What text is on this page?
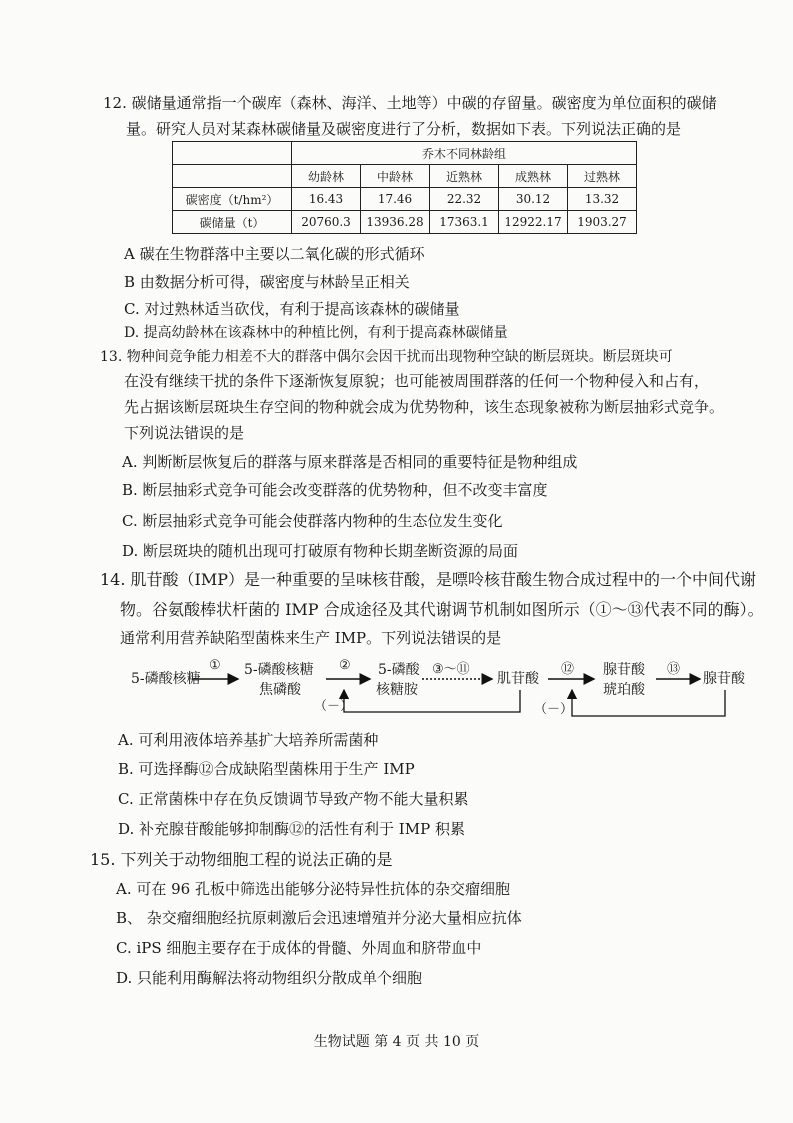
12. 碳储量通常指一个碳库（森林、海洋、土地等）中碳的存留量。碳密度为单位面积的碳储
量。研究人员对某森林碳储量及碳密度进行了分析，数据如下表。下列说法正确的是
	乔木不同林龄组				
	幼龄林	中龄林	近熟林	成熟林	过熟林
碳密度（t/hm²）	16.43	17.46	22.32	30.12	13.32
碳储量（t）	20760.3	13936.28	17363.1	12922.17	1903.27
A 碳在生物群落中主要以二氧化碳的形式循环
B 由数据分析可得，碳密度与林龄呈正相关
C. 对过熟林适当砍伐，有利于提高该森林的碳储量
D. 提高幼龄林在该森林中的种植比例，有利于提高森林碳储量
13. 物种间竞争能力相差不大的群落中偶尔会因干扰而出现物种空缺的断层斑块。断层斑块可
在没有继续干扰的条件下逐渐恢复原貌；也可能被周围群落的任何一个物种侵入和占有，
先占据该断层斑块生存空间的物种就会成为优势物种，该生态现象被称为断层抽彩式竞争。
下列说法错误的是
A. 判断断层恢复后的群落与原来群落是否相同的重要特征是物种组成
B. 断层抽彩式竞争可能会改变群落的优势物种，但不改变丰富度
C. 断层抽彩式竞争可能会使群落内物种的生态位发生变化
D. 断层斑块的随机出现可打破原有物种长期垄断资源的局面
14. 肌苷酸（IMP）是一种重要的呈味核苷酸，是嘌呤核苷酸生物合成过程中的一个中间代谢
物。谷氨酸棒状杆菌的 IMP 合成途径及其代谢调节机制如图所示（①～⑬代表不同的酶）。
通常利用营养缺陷型菌株来生产 IMP。下列说法错误的是
5-磷酸核糖
5-磷酸核糖
焦磷酸
5-磷酸
核糖胺
肌苷酸
腺苷酸
琥珀酸
腺苷酸
①	②	③～⑪	⑫	⑬
（－）	（－）
A. 可利用液体培养基扩大培养所需菌种
B. 可选择酶⑫合成缺陷型菌株用于生产 IMP
C. 正常菌株中存在负反馈调节导致产物不能大量积累
D. 补充腺苷酸能够抑制酶⑫的活性有利于 IMP 积累
15. 下列关于动物细胞工程的说法正确的是
A. 可在 96 孔板中筛选出能够分泌特异性抗体的杂交瘤细胞
B、 杂交瘤细胞经抗原刺激后会迅速增殖并分泌大量相应抗体
C. iPS 细胞主要存在于成体的骨髓、外周血和脐带血中
D. 只能利用酶解法将动物组织分散成单个细胞
生物试题 第 4 页 共 10 页
